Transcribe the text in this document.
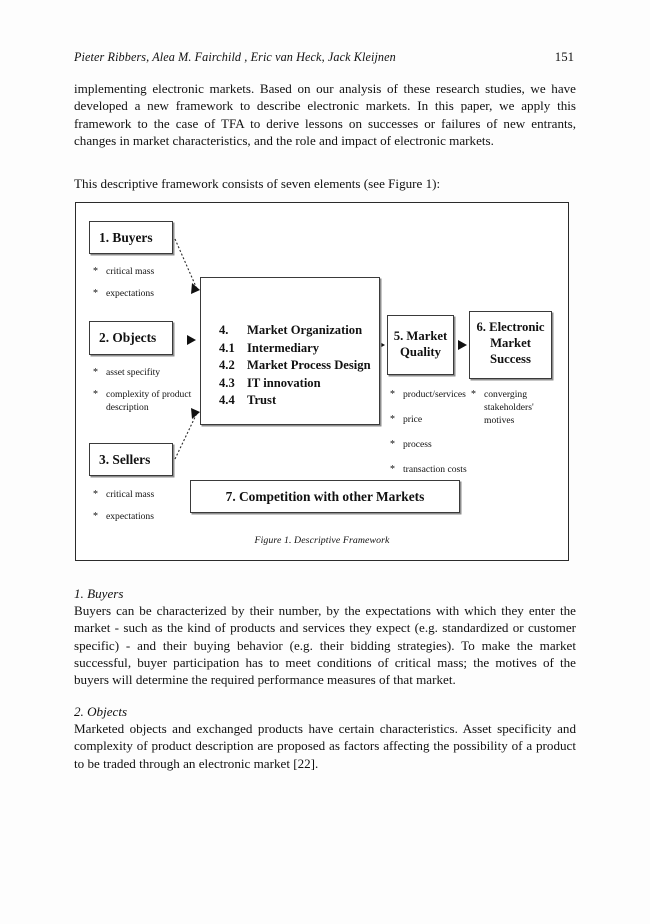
Pieter Ribbers, Alea M. Fairchild , Eric van Heck, Jack Kleijnen	151
implementing electronic markets. Based on our analysis of these research studies, we have developed a new framework to describe electronic markets. In this paper, we apply this framework to the case of TFA to derive lessons on successes or failures of new entrants, changes in market characteristics, and the role and impact of electronic markets.
This descriptive framework consists of seven elements (see Figure 1):
1. Buyers
* critical mass
* expectations
2. Objects
* asset specifity
* complexity of product description
3. Sellers
* critical mass
* expectations
4.	Market Organization
4.1 Intermediary
4.2 Market Process Design
4.3 IT innovation
4.4 Trust
5. Market
Quality
* product/services
* price
* process
* transaction costs
6. Electronic
Market
Success
* converging stakeholders' motives
7. Competition with other Markets
Figure 1. Descriptive Framework
1. Buyers
Buyers can be characterized by their number, by the expectations with which they enter the market - such as the kind of products and services they expect (e.g. standardized or customer specific) - and their buying behavior (e.g. their bidding strategies). To make the market successful, buyer participation has to meet conditions of critical mass; the motives of the buyers will determine the required performance measures of that market.
2. Objects
Marketed objects and exchanged products have certain characteristics. Asset specificity and complexity of product description are proposed as factors affecting the possibility of a product to be traded through an electronic market [22].
